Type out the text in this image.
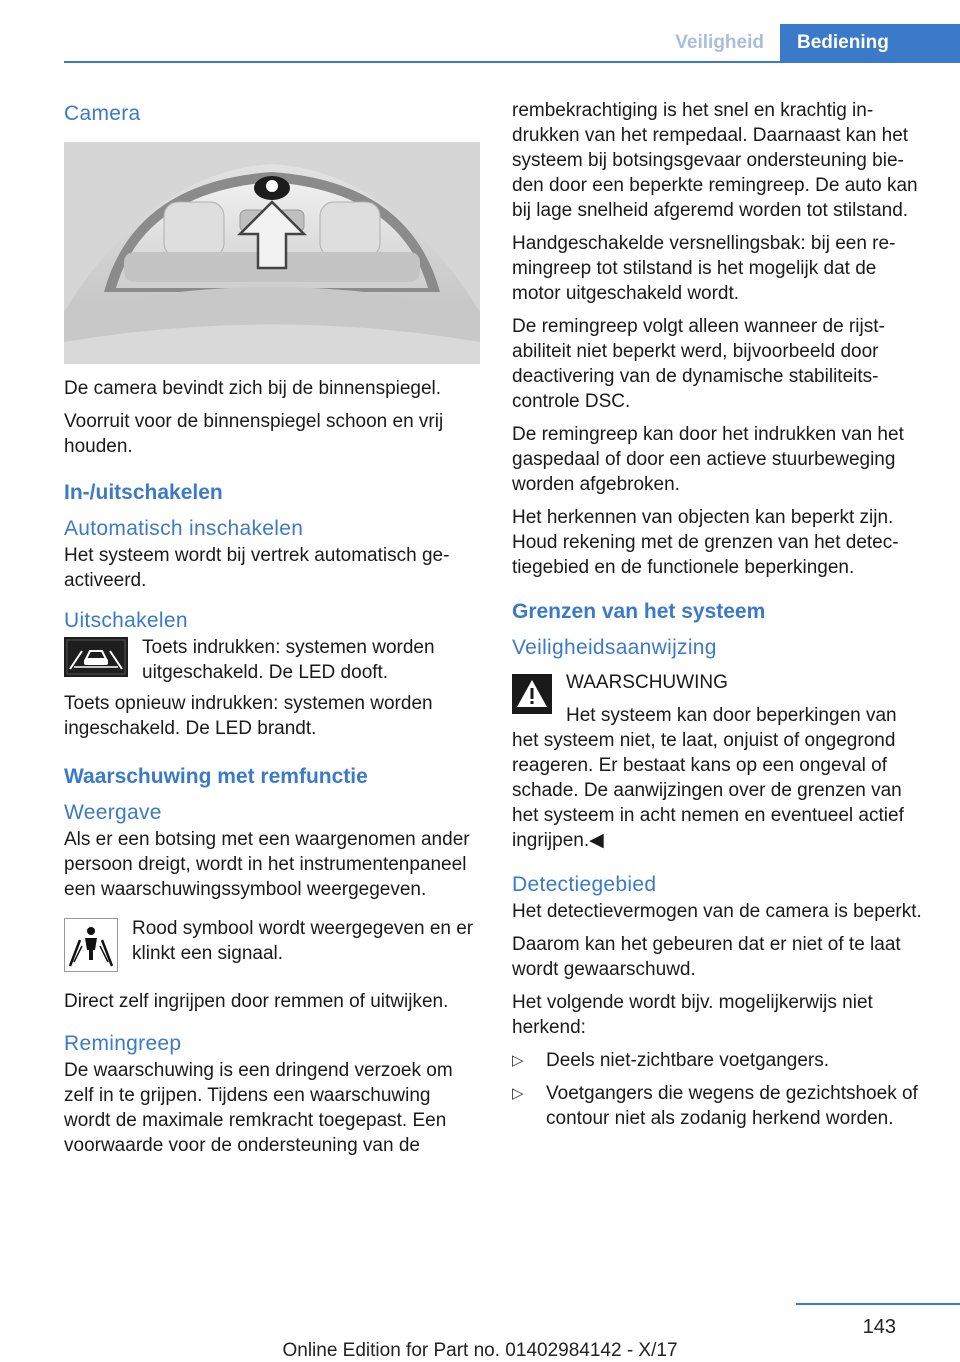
Veiligheid	Bediening
Camera

De camera bevindt zich bij de binnenspiegel.

Voorruit voor de binnenspiegel schoon en vrij houden.

In-/uitschakelen
Automatisch inschakelen

Het systeem wordt bij vertrek automatisch geactiveerd.

Uitschakelen

Toets indrukken: systemen worden uitgeschakeld. De LED dooft.

Toets opnieuw indrukken: systemen worden ingeschakeld. De LED brandt.

Waarschuwing met remfunctie
Weergave

Als er een botsing met een waargenomen ander persoon dreigt, wordt in het instrumentenpaneel een waarschuwingssymbool weergegeven.

Rood symbool wordt weergegeven en er klinkt een signaal.

Direct zelf ingrijpen door remmen of uitwijken.

Remingreep

De waarschuwing is een dringend verzoek om zelf in te grijpen. Tijdens een waarschuwing wordt de maximale remkracht toegepast. Een voorwaarde voor de ondersteuning van de

rembekrachtiging is het snel en krachtig indrukken van het rempedaal. Daarnaast kan het systeem bij botsingsgevaar ondersteuning bieden door een beperkte remingreep. De auto kan bij lage snelheid afgeremd worden tot stilstand.

Handgeschakelde versnellingsbak: bij een remingreep tot stilstand is het mogelijk dat de motor uitgeschakeld wordt.

De remingreep volgt alleen wanneer de rijstabiliteit niet beperkt werd, bijvoorbeeld door deactivering van de dynamische stabiliteitscontrole DSC.

De remingreep kan door het indrukken van het gaspedaal of door een actieve stuurbeweging worden afgebroken.

Het herkennen van objecten kan beperkt zijn. Houd rekening met de grenzen van het detectiegebied en de functionele beperkingen.

Grenzen van het systeem
Veiligheidsaanwijzing

WAARSCHUWING

Het systeem kan door beperkingen van

het systeem niet, te laat, onjuist of ongegrond reageren. Er bestaat kans op een ongeval of schade. De aanwijzingen over de grenzen van het systeem in acht nemen en eventueel actief ingrijpen.◀

Detectiegebied

Het detectievermogen van de camera is beperkt.

Daarom kan het gebeuren dat er niet of te laat wordt gewaarschuwd.

Het volgende wordt bijv. mogelijkerwijs niet herkend:

▷	Deels niet-zichtbare voetgangers.

▷	Voetgangers die wegens de gezichtshoek of contour niet als zodanig herkend worden.

143
Online Edition for Part no. 01402984142 - X/17
